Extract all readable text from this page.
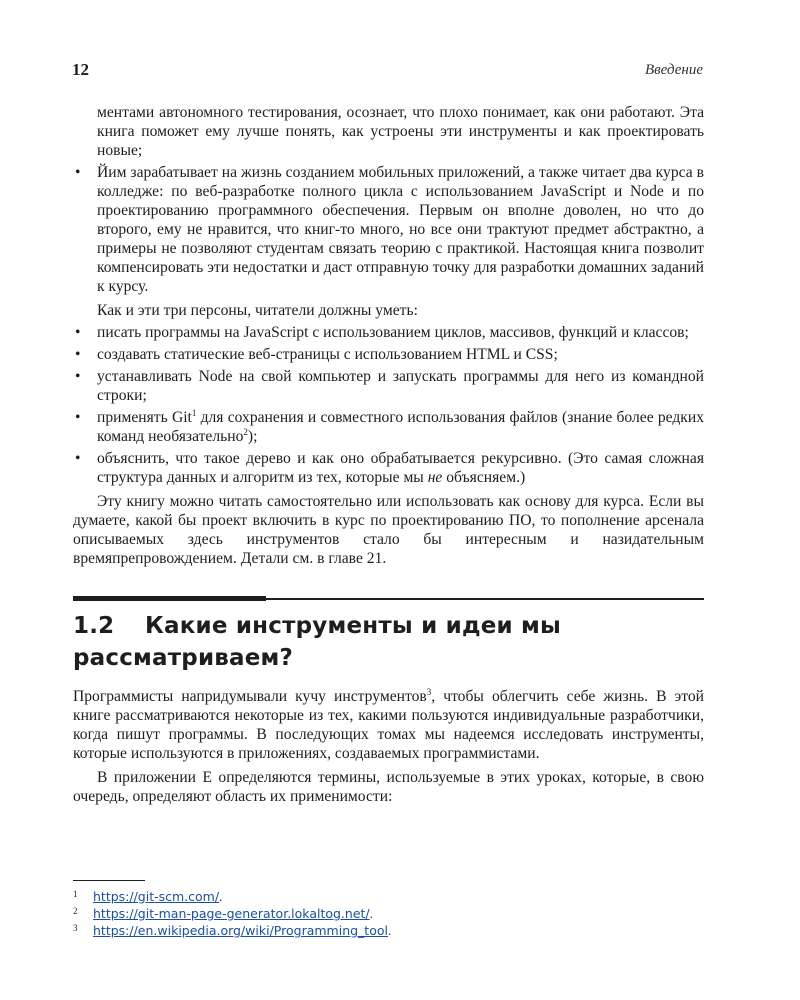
12	Введение

ментами автономного тестирования, осознает, что плохо понимает, как они работают. Эта книга поможет ему лучше понять, как устроены эти инструменты и как проектировать новые;

• Йим зарабатывает на жизнь созданием мобильных приложений, а также читает два курса в колледже: по веб-разработке полного цикла с использованием JavaScript и Node и по проектированию программного обеспечения. Первым он вполне доволен, но что до второго, ему не нравится, что книг-то много, но все они трактуют предмет абстрактно, а примеры не позволяют студентам связать теорию с практикой. Настоящая книга позволит компенсировать эти недостатки и даст отправную точку для разработки домашних заданий к курсу.

Как и эти три персоны, читатели должны уметь:

• писать программы на JavaScript с использованием циклов, массивов, функций и классов;

• создавать статические веб-страницы с использованием HTML и CSS;

• устанавливать Node на свой компьютер и запускать программы для него из командной строки;

• применять Git$^1$ для сохранения и совместного использования файлов (знание более редких команд необязательно$^2$);

• объяснить, что такое дерево и как оно обрабатывается рекурсивно. (Это самая сложная структура данных и алгоритм из тех, которые мы не объясняем.)

Эту книгу можно читать самостоятельно или использовать как основу для курса. Если вы думаете, какой бы проект включить в курс по проектированию ПО, то пополнение арсенала описываемых здесь инструментов стало бы интересным и назидательным времяпрепровождением. Детали см. в главе 21.

1.2 Какие инструменты и идеи мы рассматриваем?

Программисты напридумывали кучу инструментов$^3$, чтобы облегчить себе жизнь. В этой книге рассматриваются некоторые из тех, какими пользуются индивидуальные разработчики, когда пишут программы. В последующих томах мы надеемся исследовать инструменты, которые используются в приложениях, создаваемых программистами.

В приложении Е определяются термины, используемые в этих уроках, которые, в свою очередь, определяют область их применимости:

1 https://git-scm.com/.
2 https://git-man-page-generator.lokaltog.net/.
3 https://en.wikipedia.org/wiki/Programming_tool.
